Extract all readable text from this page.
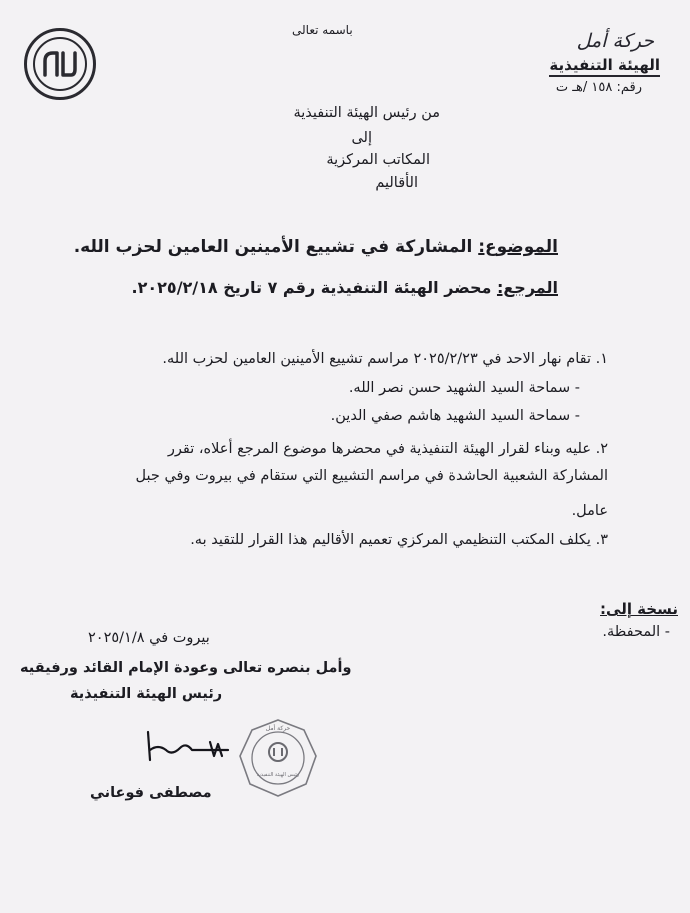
باسمه تعالى	حركة أمل
الهيئة التنفيذية
رقم: ١٥٨ /هـ ت
من رئيس الهيئة التنفيذية
إلى
المكاتب المركزية
الأقاليم
الموضوع: المشاركة في تشييع الأمينين العامين لحزب الله.
المرجع: محضر الهيئة التنفيذية رقم ٧ تاريخ ٢٠٢٥/٢/١٨.
١. تقام نهار الاحد في ٢٠٢٥/٢/٢٣ مراسم تشييع الأمينين العامين لحزب الله.
- سماحة السيد الشهيد حسن نصر الله.
- سماحة السيد الشهيد هاشم صفي الدين.
٢. عليه وبناء لقرار الهيئة التنفيذية في محضرها موضوع المرجع أعلاه، تقرر
المشاركة الشعبية الحاشدة في مراسم التشييع التي ستقام في بيروت وفي جبل
عامل.
٣. يكلف المكتب التنظيمي المركزي تعميم الأقاليم هذا القرار للتقيد به.
نسخة إلى:
- المحفظة.
بيروت في ٢٠٢٥/١/٨
وأمل بنصره تعالى وعودة الإمام القائد ورفيقيه
رئيس الهيئة التنفيذية
حركة أمل
رئيس الهيئة التنفيذية
مصطفى فوعاني
